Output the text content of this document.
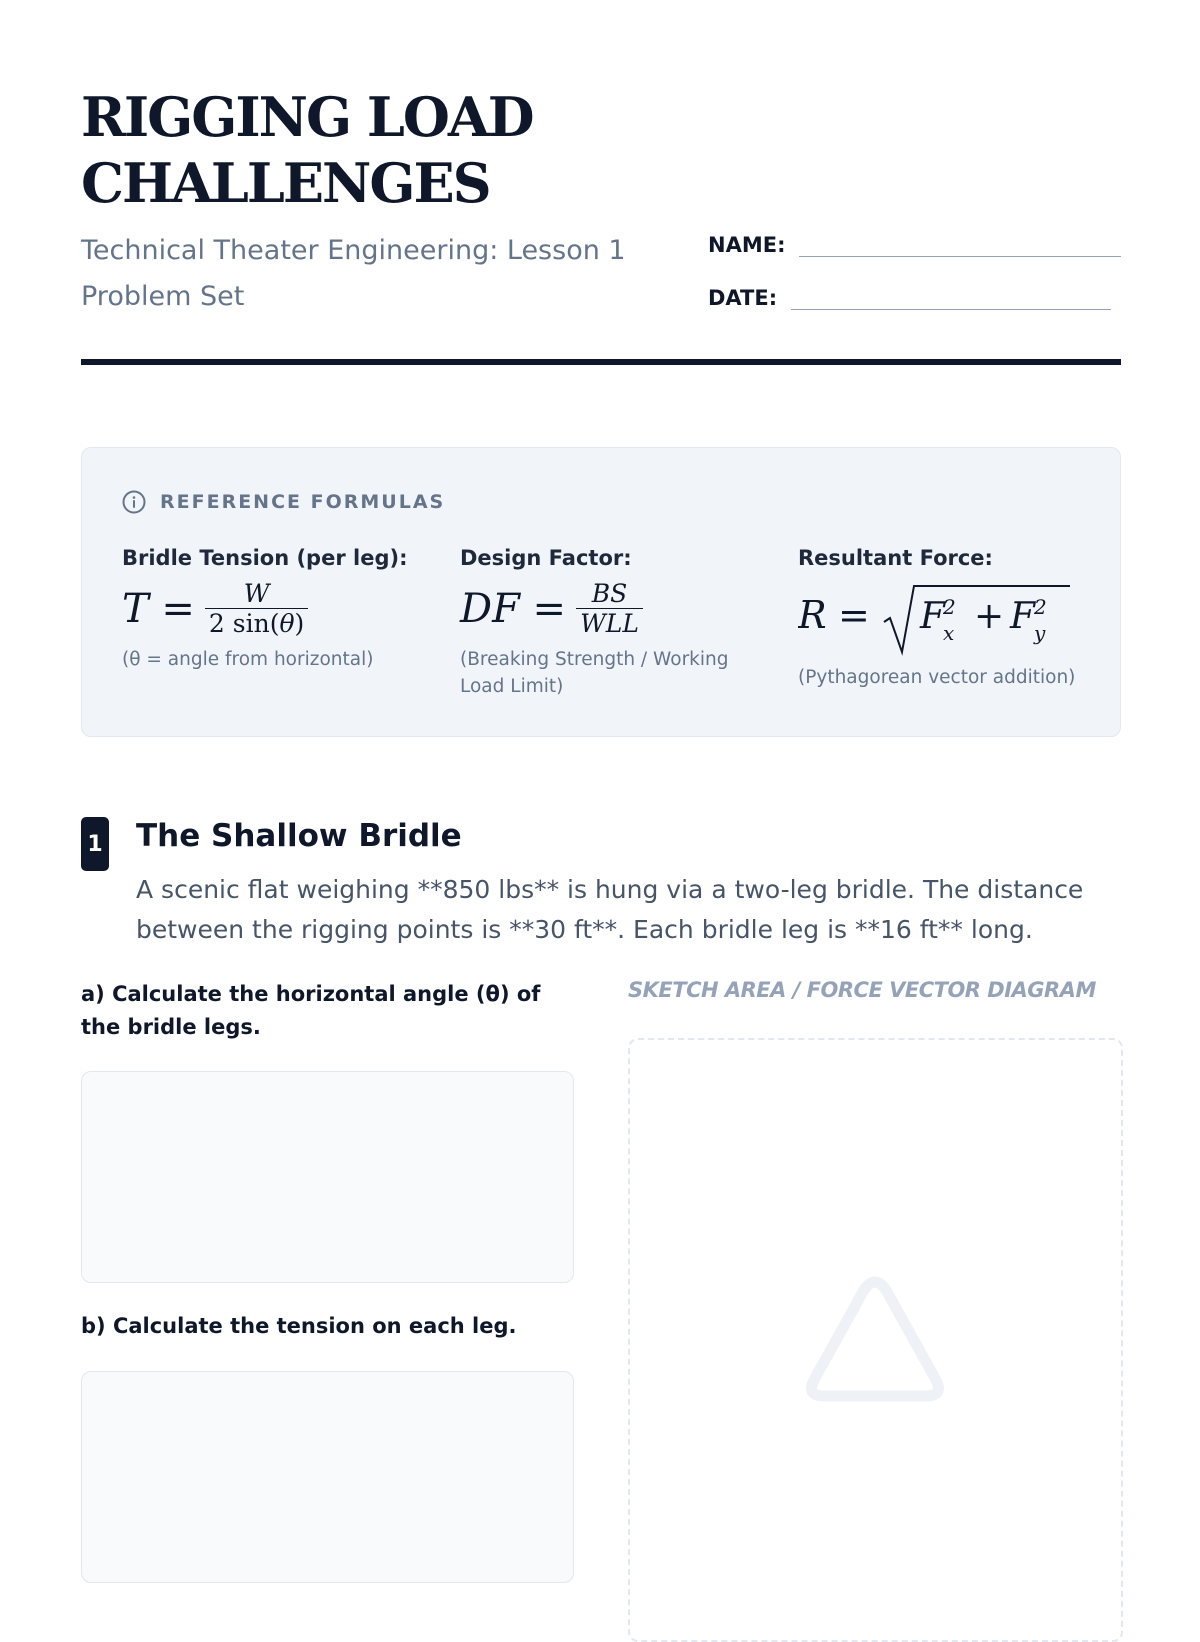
RIGGING LOAD
CHALLENGES
Technical Theater Engineering: Lesson 1
Problem Set
NAME:
DATE:
REFERENCE FORMULAS
Bridle Tension (per leg):
$T = \frac{W}{2 \sin(\theta)}$
(θ = angle from horizontal)
Design Factor:
DF = $\frac{BS}{\text{WLL}}$
(Breaking Strength / Working Load Limit)
Resultant Force:
R = F
2
x + F 2
y
(Pythagorean vector addition)
1 The Shallow Bridle
A scenic flat weighing **850 lbs** is hung via a two-leg bridle. The distance between the rigging points is **30 ft**. Each bridle leg is **16 ft** long.
a) Calculate the horizontal angle (θ) of the bridle legs.
b) Calculate the tension on each leg.
SKETCH AREA / FORCE VECTOR DIAGRAM
